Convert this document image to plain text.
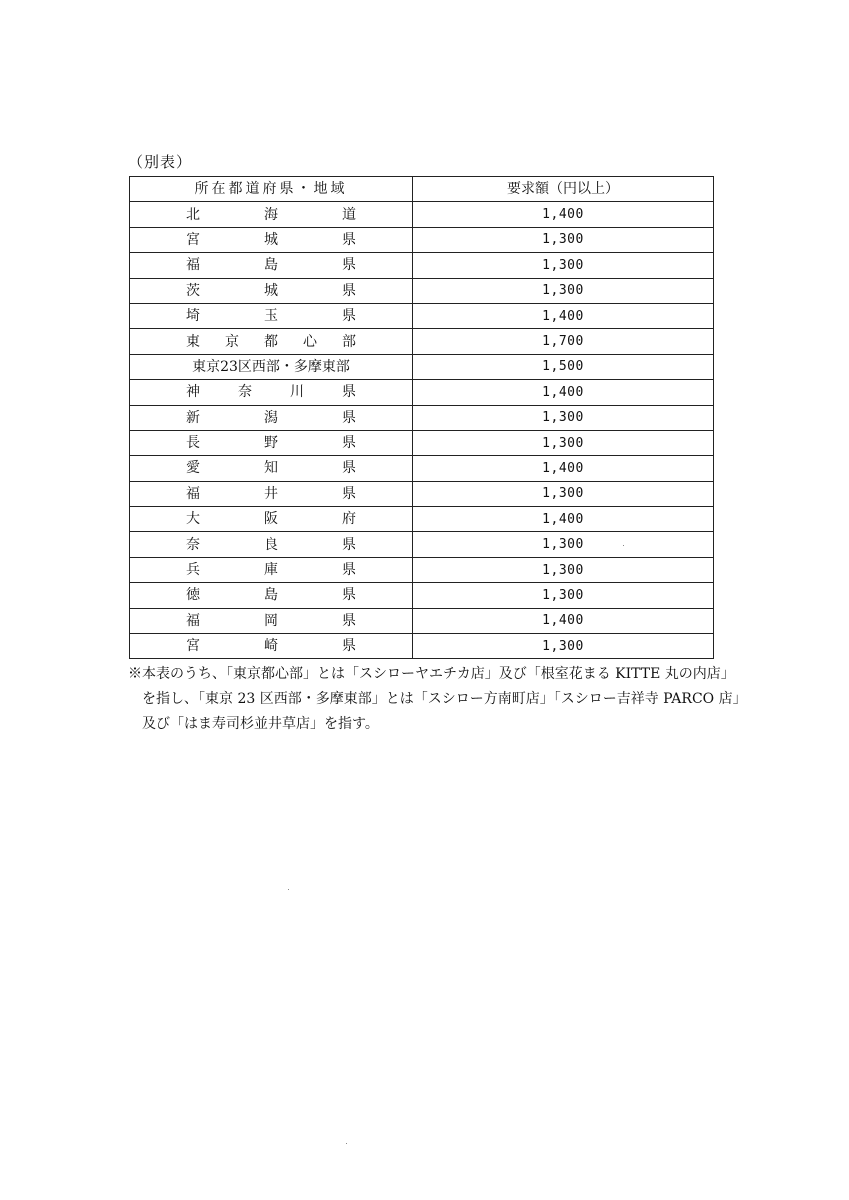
（別表）
所在都道府県・地域	要求額（円以上）

北 海 道	1,400

宮 城 県	1,300

福 島 県	1,300

茨 城 県	1,300

埼 玉 県	1,400

東 京 都 心 部	1,700

東京23区西部・多摩東部	1,500

神 奈 川 県	1,400

新 潟 県	1,300

長 野 県	1,300

愛 知 県	1,400

福 井 県	1,300

大 阪 府	1,400

奈 良 県	1,300

兵 庫 県	1,300

徳 島 県	1,300

福 岡 県	1,400

宮 崎 県	1,300
※本表のうち、「東京都心部」とは「スシローヤエチカ店」及び「根室花まる KITTE 丸の内店」
を指し、「東京 23 区西部・多摩東部」とは「スシロー方南町店」「スシロー吉祥寺 PARCO 店」
及び「はま寿司杉並井草店」を指す。
